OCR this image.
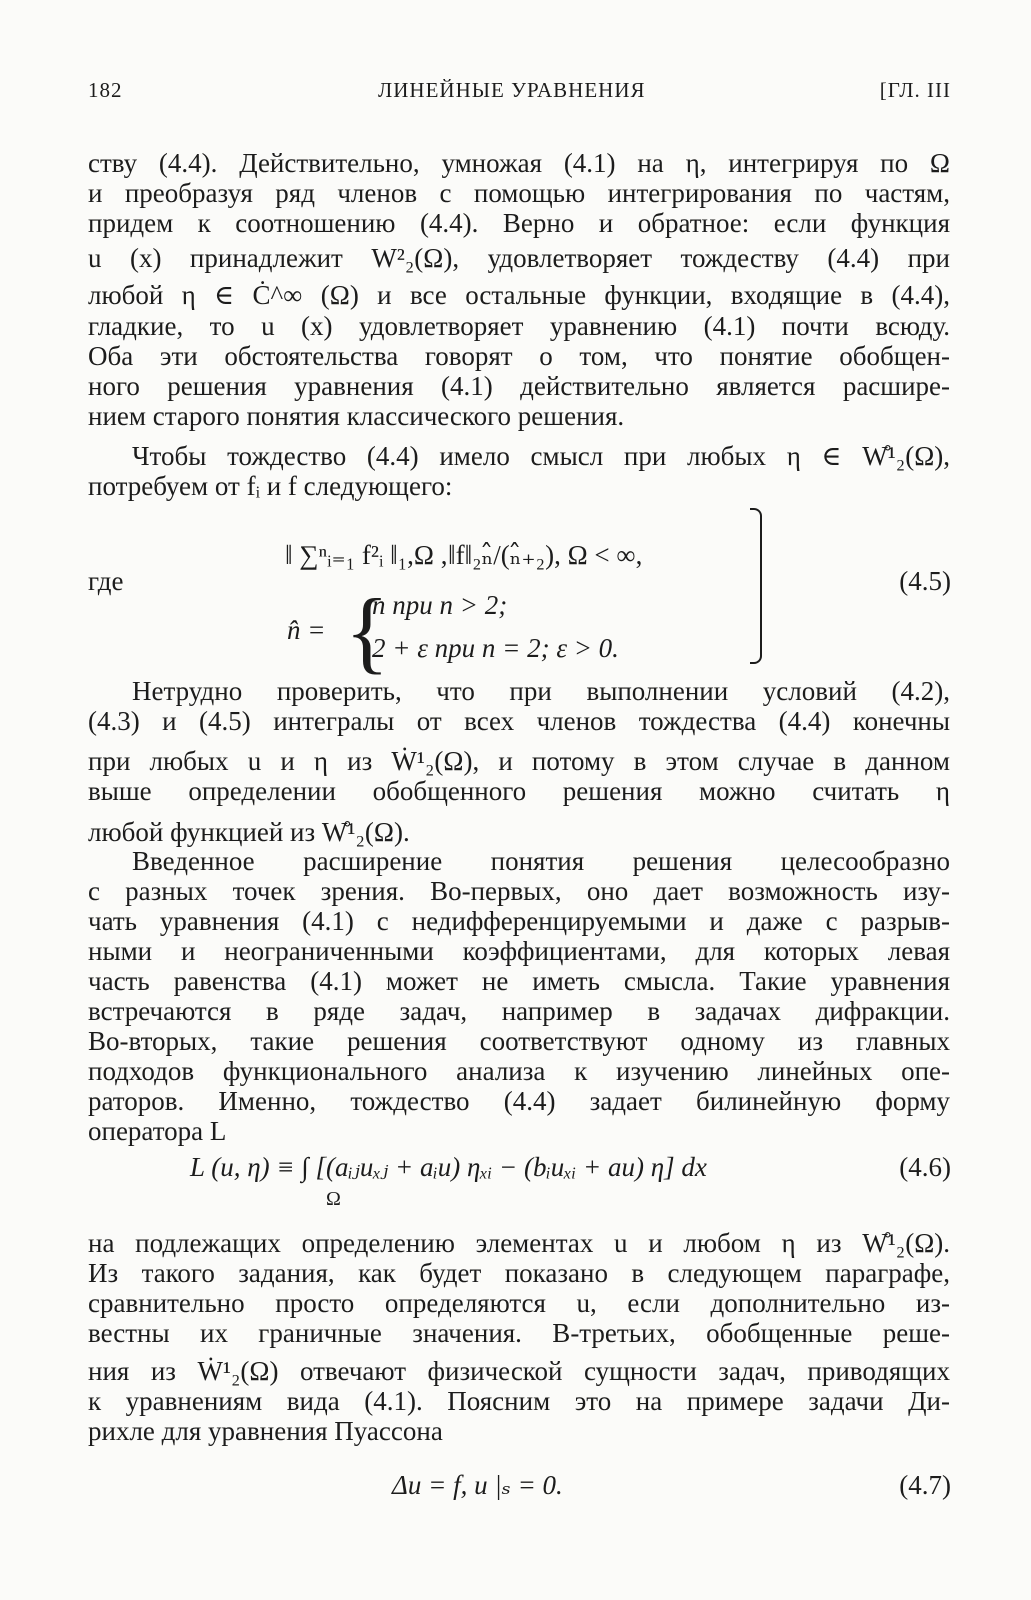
182	ЛИНЕЙНЫЕ УРАВНЕНИЯ	[ГЛ. III
ству (4.4). Действительно, умножая (4.1) на η, интегрируя по Ω
и преобразуя ряд членов с помощью интегрирования по частям,
придем к соотношению (4.4). Верно и обратное: если функция
u (x) принадлежит W²₂(Ω), удовлетворяет тождеству (4.4) при
любой η ∈ Ċ^∞ (Ω) и все остальные функции, входящие в (4.4),
гладкие, то u (x) удовлетворяет уравнению (4.1) почти всюду.
Оба эти обстоятельства говорят о том, что понятие обобщен-
ного решения уравнения (4.1) действительно является расшире-
нием старого понятия классического решения.
Чтобы тождество (4.4) имело смысл при любых η ∈ W̊¹₂(Ω),
потребуем от fᵢ и f следующего:
‖ ∑ⁿᵢ₌₁ f²ᵢ ‖₁,Ω , ‖f‖₂ₙ̂/(ₙ̂₊₂), Ω < ∞,
где
n̂ = {
n при n > 2;
2 + ε при n = 2; ε > 0.
(4.5)
Нетрудно проверить, что при выполнении условий (4.2),
(4.3) и (4.5) интегралы от всех членов тождества (4.4) конечны
при любых u и η из Ẇ¹₂(Ω), и потому в этом случае в данном
выше определении обобщенного решения можно считать η
любой функцией из W̊¹₂(Ω).
Введенное расширение понятия решения целесообразно
с разных точек зрения. Во-первых, оно дает возможность изу-
чать уравнения (4.1) с недифференцируемыми и даже с разрыв-
ными и неограниченными коэффициентами, для которых левая
часть равенства (4.1) может не иметь смысла. Такие уравнения
встречаются в ряде задач, например в задачах дифракции.
Во-вторых, такие решения соответствуют одному из главных
подходов функционального анализа к изучению линейных опе-
раторов. Именно, тождество (4.4) задает билинейную форму
оператора L
L (u, η) ≡ ∫ [(aᵢⱼuₓⱼ + aᵢu) ηₓᵢ − (bᵢuₓᵢ + au) η] dx
Ω
(4.6)
на подлежащих определению элементах u и любом η из W̊¹₂(Ω).
Из такого задания, как будет показано в следующем параграфе,
сравнительно просто определяются u, если дополнительно из-
вестны их граничные значения. В-третьих, обобщенные реше-
ния из Ẇ¹₂(Ω) отвечают физической сущности задач, приводящих
к уравнениям вида (4.1). Поясним это на примере задачи Ди-
рихле для уравнения Пуассона
Δu = f, u |ₛ = 0.	(4.7)
